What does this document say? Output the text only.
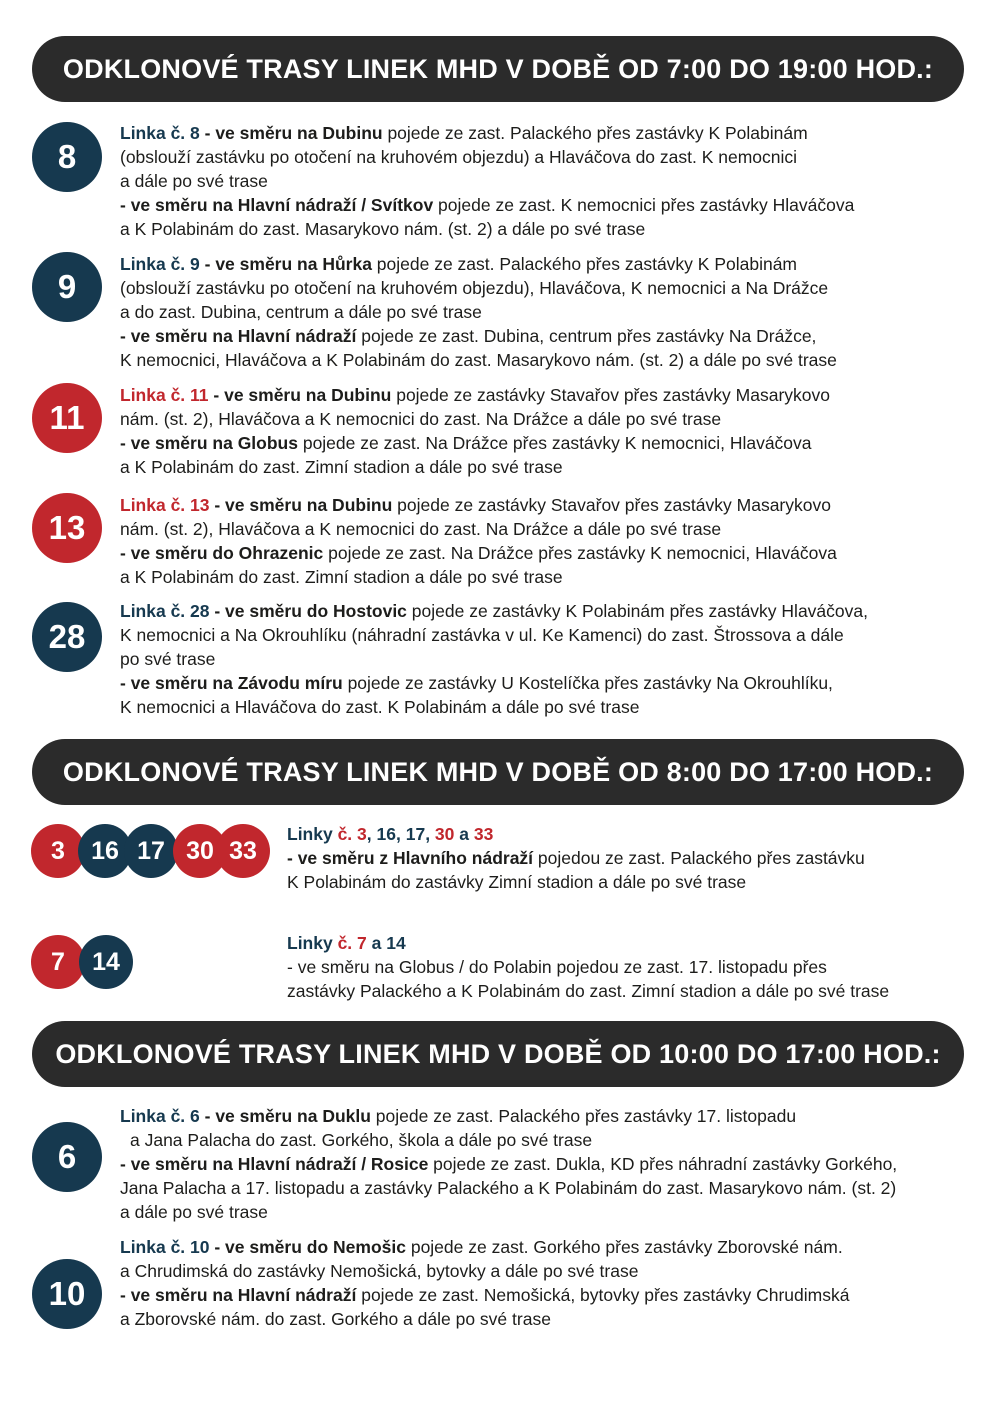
ODKLONOVÉ TRASY LINEK MHD V DOBĚ OD 7:00 DO 19:00 HOD.:
8

Linka č. 8 - ve směru na Dubinu pojede ze zast. Palackého přes zastávky K Polabinám

(obslouží zastávku po otočení na kruhovém objezdu) a Hlaváčova do zast. K nemocnici

a dále po své trase

- ve směru na Hlavní nádraží / Svítkov pojede ze zast. K nemocnici přes zastávky Hlaváčova

a K Polabinám do zast. Masarykovo nám. (st. 2) a dále po své trase

9

Linka č. 9 - ve směru na Hůrka pojede ze zast. Palackého přes zastávky K Polabinám

(obslouží zastávku po otočení na kruhovém objezdu), Hlaváčova, K nemocnici a Na Drážce

a do zast. Dubina, centrum a dále po své trase

- ve směru na Hlavní nádraží pojede ze zast. Dubina, centrum přes zastávky Na Drážce,

K nemocnici, Hlaváčova a K Polabinám do zast. Masarykovo nám. (st. 2) a dále po své trase

11

Linka č. 11 - ve směru na Dubinu pojede ze zastávky Stavařov přes zastávky Masarykovo

nám. (st. 2), Hlaváčova a K nemocnici do zast. Na Drážce a dále po své trase

- ve směru na Globus pojede ze zast. Na Drážce přes zastávky K nemocnici, Hlaváčova

a K Polabinám do zast. Zimní stadion a dále po své trase

13

Linka č. 13 - ve směru na Dubinu pojede ze zastávky Stavařov přes zastávky Masarykovo

nám. (st. 2), Hlaváčova a K nemocnici do zast. Na Drážce a dále po své trase

- ve směru do Ohrazenic pojede ze zast. Na Drážce přes zastávky K nemocnici, Hlaváčova

a K Polabinám do zast. Zimní stadion a dále po své trase

28

Linka č. 28 - ve směru do Hostovic pojede ze zastávky K Polabinám přes zastávky Hlaváčova,

K nemocnici a Na Okrouhlíku (náhradní zastávka v ul. Ke Kamenci) do zast. Štrossova a dále

po své trase

- ve směru na Závodu míru pojede ze zastávky U Kostelíčka přes zastávky Na Okrouhlíku,

K nemocnici a Hlaváčova do zast. K Polabinám a dále po své trase

ODKLONOVÉ TRASY LINEK MHD V DOBĚ OD 8:00 DO 17:00 HOD.:
3 16 17 30 33

Linky č. 3, 16, 17, 30 a 33

- ve směru z Hlavního nádraží pojedou ze zast. Palackého přes zastávku

K Polabinám do zastávky Zimní stadion a dále po své trase

7 14

Linky č. 7 a 14

- ve směru na Globus / do Polabin pojedou ze zast. 17. listopadu přes

zastávky Palackého a K Polabinám do zast. Zimní stadion a dále po své trase

ODKLONOVÉ TRASY LINEK MHD V DOBĚ OD 10:00 DO 17:00 HOD.:
6

Linka č. 6 - ve směru na Duklu pojede ze zast. Palackého přes zastávky 17. listopadu

a Jana Palacha do zast. Gorkého, škola a dále po své trase

- ve směru na Hlavní nádraží / Rosice pojede ze zast. Dukla, KD přes náhradní zastávky Gorkého,

Jana Palacha a 17. listopadu a zastávky Palackého a K Polabinám do zast. Masarykovo nám. (st. 2)

a dále po své trase

10

Linka č. 10 - ve směru do Nemošic pojede ze zast. Gorkého přes zastávky Zborovské nám.

a Chrudimská do zastávky Nemošická, bytovky a dále po své trase

- ve směru na Hlavní nádraží pojede ze zast. Nemošická, bytovky přes zastávky Chrudimská

a Zborovské nám. do zast. Gorkého a dále po své trase
